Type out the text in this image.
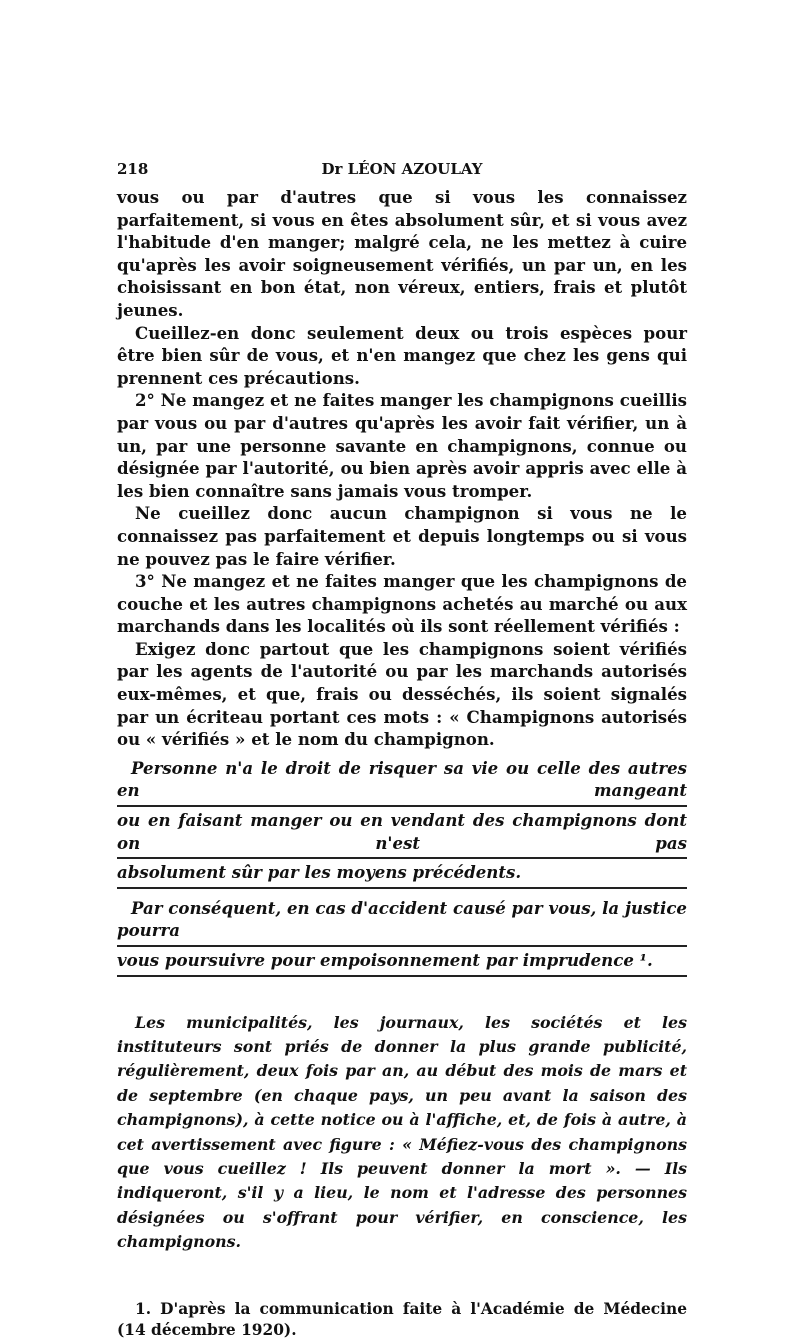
218	Dr LÉON AZOULAY

vous ou par d'autres que si vous les connaissez parfaitement, si vous en êtes absolument sûr, et si vous avez l'habitude d'en manger; malgré cela, ne les mettez à cuire qu'après les avoir soigneusement vérifiés, un par un, en les choisissant en bon état, non véreux, entiers, frais et plutôt jeunes.

Cueillez-en donc seulement deux ou trois espèces pour être bien sûr de vous, et n'en mangez que chez les gens qui prennent ces précautions.

2° Ne mangez et ne faites manger les champignons cueillis par vous ou par d'autres qu'après les avoir fait vérifier, un à un, par une personne savante en champignons, connue ou désignée par l'autorité, ou bien après avoir appris avec elle à les bien connaître sans jamais vous tromper.

Ne cueillez donc aucun champignon si vous ne le connaissez pas parfaitement et depuis longtemps ou si vous ne pouvez pas le faire vérifier.

3° Ne mangez et ne faites manger que les champignons de couche et les autres champignons achetés au marché ou aux marchands dans les localités où ils sont réellement vérifiés :

Exigez donc partout que les champignons soient vérifiés par les agents de l'autorité ou par les marchands autorisés eux-mêmes, et que, frais ou desséchés, ils soient signalés par un écriteau portant ces mots : « Champignons autorisés ou « vérifiés » et le nom du champignon.

Personne n'a le droit de risquer sa vie ou celle des autres en mangeant
ou en faisant manger ou en vendant des champignons dont on n'est pas
absolument sûr par les moyens précédents.
Par conséquent, en cas d'accident causé par vous, la justice pourra
vous poursuivre pour empoisonnement par imprudence ¹.
Les municipalités, les journaux, les sociétés et les instituteurs sont priés de donner la plus grande publicité, régulièrement, deux fois par an, au début des mois de mars et de septembre (en chaque pays, un peu avant la saison des champignons), à cette notice ou à l'affiche, et, de fois à autre, à cet avertissement avec figure : « Méfiez-vous des champignons que vous cueillez ! Ils peuvent donner la mort ». — Ils indiqueront, s'il y a lieu, le nom et l'adresse des personnes désignées ou s'offrant pour vérifier, en conscience, les champignons.
1. D'après la communication faite à l'Académie de Médecine (14 décembre 1920).
